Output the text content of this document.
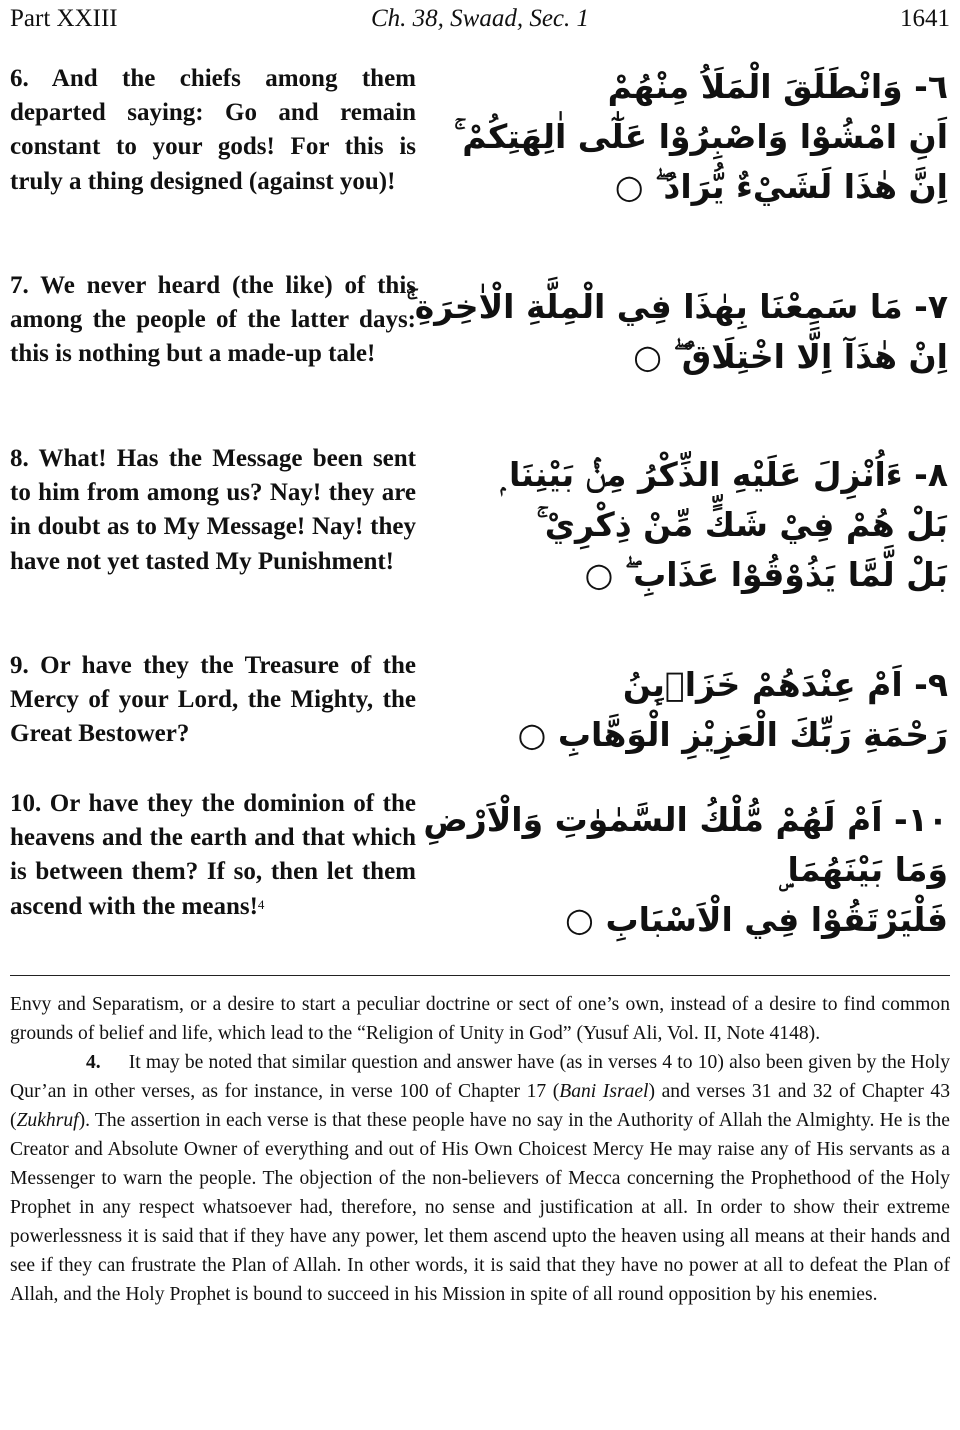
Part XXIII	Ch. 38, Swaad, Sec. 1	1641
6. And the chiefs among them departed saying: Go and remain constant to your gods! For this is truly a thing designed (against you)!
٦- وَانْطَلَقَ الْمَلَاُ مِنْهُمْ
اَنِ امْشُوْا وَاصْبِرُوْا عَلٰٓى اٰلِهَتِكُمْ ۚ
اِنَّ هٰذَا لَشَيْءٌ يُّرَادُ ۖ ○
7. We never heard (the like) of this among the people of the latter days: this is nothing but a made-up tale!
٧- مَا سَمِعْنَا بِهٰذَا فِي الْمِلَّةِ الْاٰخِرَةِ ۚ
اِنْ هٰذَآ اِلَّا اخْتِلَاقٌ ۖ ○
8. What! Has the Message been sent to him from among us? Nay! they are in doubt as to My Message! Nay! they have not yet tasted My Punishment!
٨- ءَاُنْزِلَ عَلَيْهِ الذِّكْرُ مِنْۢ بَيْنِنَا ۭ
بَلْ هُمْ فِيْ شَكٍّ مِّنْ ذِكْرِيْ ۚ
بَلْ لَّمَّا يَذُوْقُوْا عَذَابِ ۖ ○
9. Or have they the Treasure of the Mercy of your Lord, the Mighty, the Great Bestower?
٩- اَمْ عِنْدَهُمْ خَزَاۗىِٕنُ
رَحْمَةِ رَبِّكَ الْعَزِيْزِ الْوَهَّابِ ○
10. Or have they the dominion of the heavens and the earth and that which is between them? If so, then let them ascend with the means!$^4$
١٠- اَمْ لَهُمْ مُّلْكُ السَّمٰوٰتِ وَالْاَرْضِ
وَمَا بَيْنَهُمَا ۣ
فَلْيَرْتَقُوْا فِي الْاَسْبَابِ ○

Envy and Separatism, or a desire to start a peculiar doctrine or sect of one’s own, instead of a desire to find common grounds of belief and life, which lead to the “Religion of Unity in God” (Yusuf Ali, Vol. II, Note 4148).

4. It may be noted that similar question and answer have (as in verses 4 to 10) also been given by the Holy Qur’an in other verses, as for instance, in verse 100 of Chapter 17 (Bani Israel) and verses 31 and 32 of Chapter 43 (Zukhruf). The assertion in each verse is that these people have no say in the Authority of Allah the Almighty. He is the Creator and Absolute Owner of everything and out of His Own Choicest Mercy He may raise any of His servants as a Messenger to warn the people. The objection of the non-believers of Mecca concerning the Prophethood of the Holy Prophet in any respect whatsoever had, therefore, no sense and justification at all. In order to show their extreme powerlessness it is said that if they have any power, let them ascend upto the heaven using all means at their hands and see if they can frustrate the Plan of Allah. In other words, it is said that they have no power at all to defeat the Plan of Allah, and the Holy Prophet is bound to succeed in his Mission in spite of all round opposition by his enemies.
